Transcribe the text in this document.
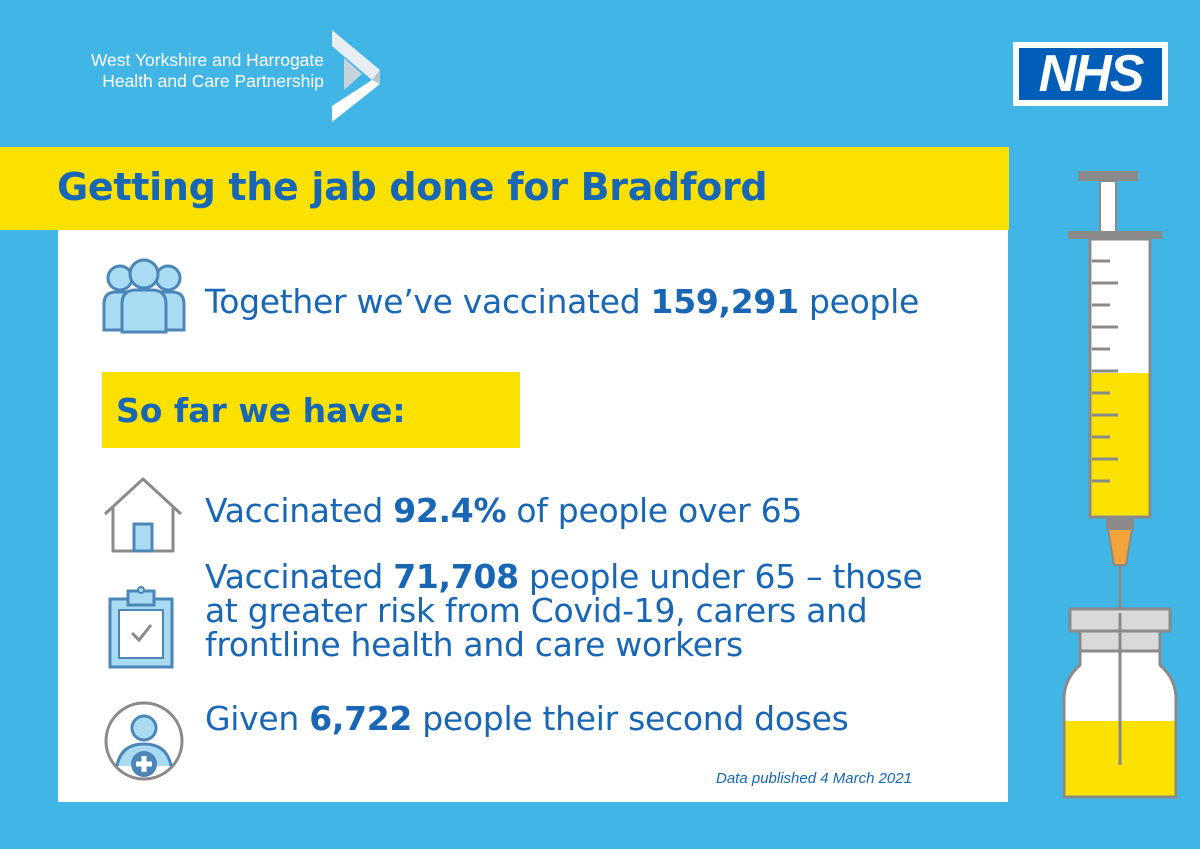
West Yorkshire and Harrogate
Health and Care Partnership	NHS
Getting the jab done for Bradford
Together we’ve vaccinated 159,291 people
So far we have:
Vaccinated 92.4% of people over 65
Vaccinated 71,708 people under 65 – those
at greater risk from Covid-19, carers and
frontline health and care workers
Given 6,722 people their second doses
Data published 4 March 2021
